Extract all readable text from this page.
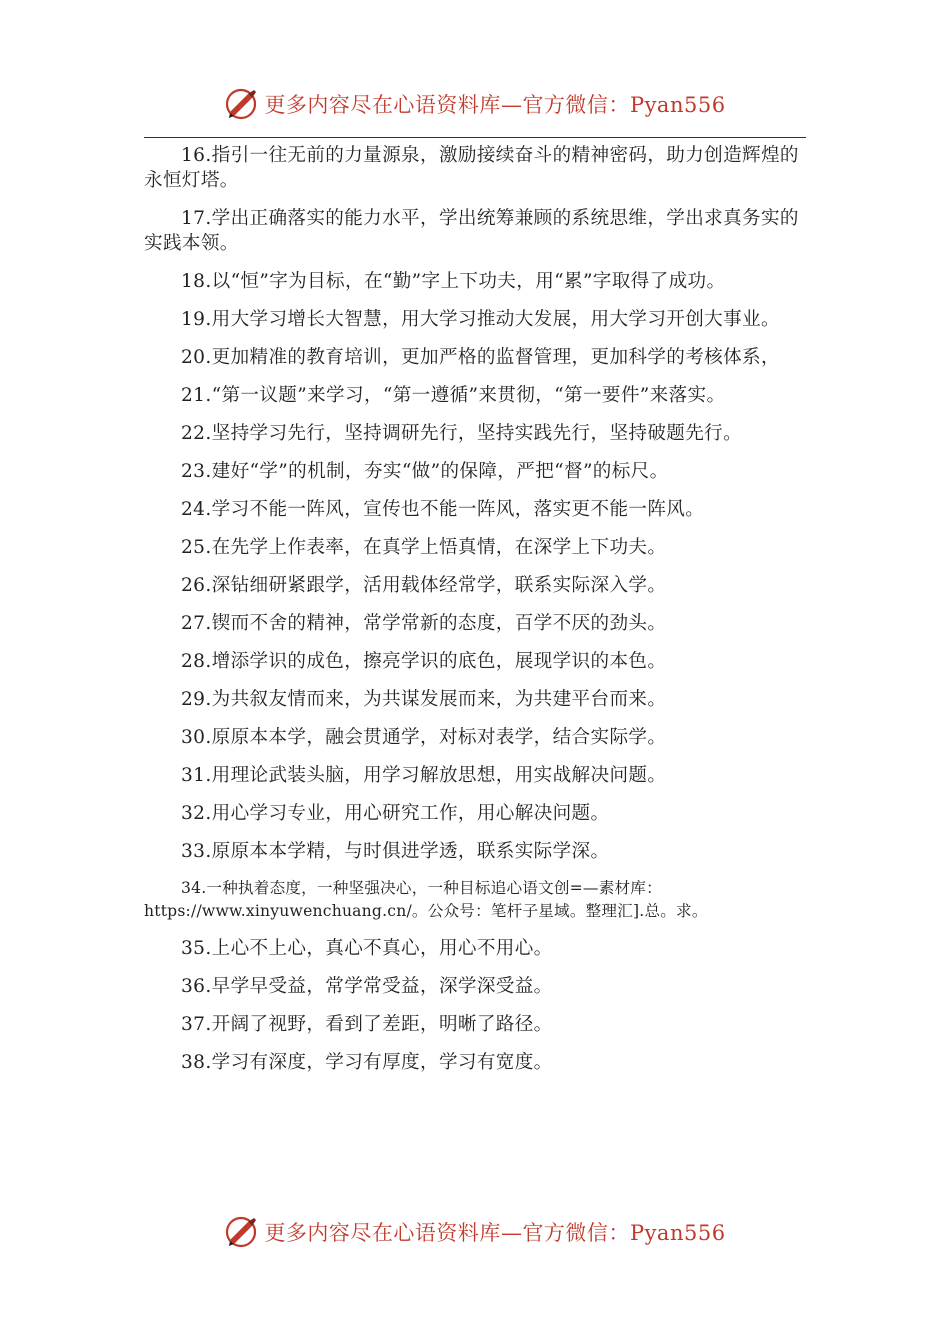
更多内容尽在心语资料库—官方微信：Pyan556

16.指引一往无前的力量源泉，激励接续奋斗的精神密码，助力创造辉煌的永恒灯塔。

17.学出正确落实的能力水平，学出统筹兼顾的系统思维，学出求真务实的实践本领。

18.以“恒”字为目标，在“勤”字上下功夫，用“累”字取得了成功。

19.用大学习增长大智慧，用大学习推动大发展，用大学习开创大事业。

20.更加精准的教育培训，更加严格的监督管理，更加科学的考核体系，

21.“第一议题”来学习，“第一遵循”来贯彻，“第一要件”来落实。

22.坚持学习先行，坚持调研先行，坚持实践先行，坚持破题先行。

23.建好“学”的机制，夯实“做”的保障，严把“督”的标尺。

24.学习不能一阵风，宣传也不能一阵风，落实更不能一阵风。

25.在先学上作表率，在真学上悟真情，在深学上下功夫。

26.深钻细研紧跟学，活用载体经常学，联系实际深入学。

27.锲而不舍的精神，常学常新的态度，百学不厌的劲头。

28.增添学识的成色，擦亮学识的底色，展现学识的本色。

29.为共叙友情而来，为共谋发展而来，为共建平台而来。

30.原原本本学，融会贯通学，对标对表学，结合实际学。

31.用理论武装头脑，用学习解放思想，用实战解决问题。

32.用心学习专业，用心研究工作，用心解决问题。

33.原原本本学精，与时俱进学透，联系实际学深。

34.一种执着态度，一种坚强决心，一种目标追心语文创=—素材库：https://www.xinyuwenchuang.cn/。公众号：笔杆子星域。整理汇].总。求。

35.上心不上心，真心不真心，用心不用心。

36.早学早受益，常学常受益，深学深受益。

37.开阔了视野，看到了差距，明晰了路径。

38.学习有深度，学习有厚度，学习有宽度。

更多内容尽在心语资料库—官方微信：Pyan556
